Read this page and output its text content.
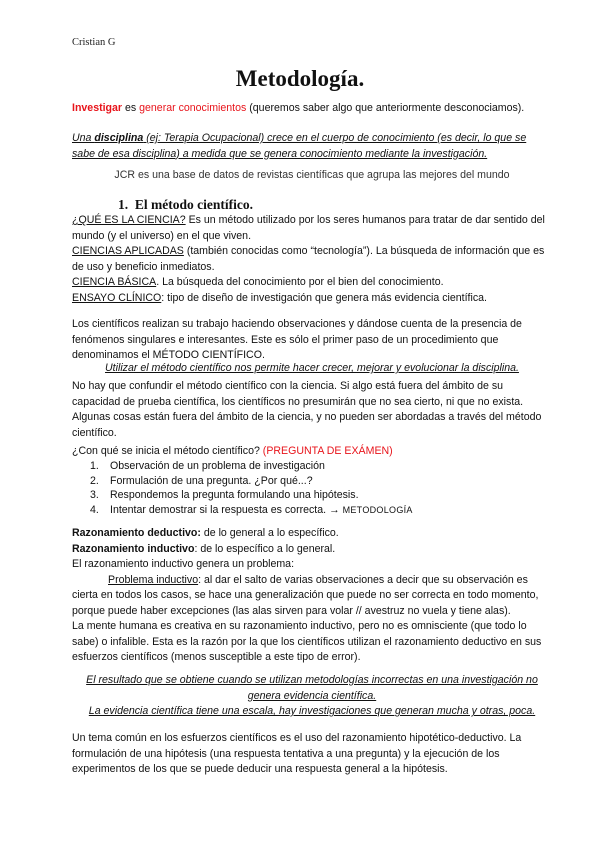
Cristian G
Metodología.
Investigar es generar conocimientos (queremos saber algo que anteriormente desconociamos).
Una disciplina (ej: Terapia Ocupacional) crece en el cuerpo de conocimiento (es decir, lo que se sabe de esa disciplina) a medida que se genera conocimiento mediante la investigación.
JCR es una base de datos de revistas científicas que agrupa las mejores del mundo
1. El método científico.
¿QUÉ ES LA CIENCIA? Es un método utilizado por los seres humanos para tratar de dar sentido del mundo (y el universo) en el que viven.
CIENCIAS APLICADAS (también conocidas como “tecnología”). La búsqueda de información que es de uso y beneficio inmediatos.
CIENCIA BÁSICA. La búsqueda del conocimiento por el bien del conocimiento.
ENSAYO CLÍNICO: tipo de diseño de investigación que genera más evidencia científica.
Los científicos realizan su trabajo haciendo observaciones y dándose cuenta de la presencia de fenómenos singulares e interesantes. Este es sólo el primer paso de un procedimiento que denominamos el MÉTODO CIENTÍFICO.
Utilizar el método científico nos permite hacer crecer, mejorar y evolucionar la disciplina.
No hay que confundir el método científico con la ciencia. Si algo está fuera del ámbito de su capacidad de prueba científica, los científicos no presumirán que no sea cierto, ni que no exista. Algunas cosas están fuera del ámbito de la ciencia, y no pueden ser abordadas a través del método científico.
¿Con qué se inicia el método científico? (PREGUNTA DE EXÁMEN)
1. Observación de un problema de investigación
2. Formulación de una pregunta. ¿Por qué...?
3. Respondemos la pregunta formulando una hipótesis.
4. Intentar demostrar si la respuesta es correcta. → METODOLOGÍA
Razonamiento deductivo: de lo general a lo específico.
Razonamiento inductivo: de lo específico a lo general.
El razonamiento inductivo genera un problema:
Problema inductivo: al dar el salto de varias observaciones a decir que su observación es cierta en todos los casos, se hace una generalización que puede no ser correcta en todo momento, porque puede haber excepciones (las alas sirven para volar // avestruz no vuela y tiene alas).
La mente humana es creativa en su razonamiento inductivo, pero no es omnisciente (que todo lo sabe) o infalible. Esta es la razón por la que los científicos utilizan el razonamiento deductivo en sus esfuerzos científicos (menos susceptible a este tipo de error).
El resultado que se obtiene cuando se utilizan metodologías incorrectas en una investigación no genera evidencia científica.
La evidencia científica tiene una escala, hay investigaciones que generan mucha y otras, poca.
Un tema común en los esfuerzos científicos es el uso del razonamiento hipotético-deductivo. La formulación de una hipótesis (una respuesta tentativa a una pregunta) y la ejecución de los experimentos de los que se puede deducir una respuesta general a la hipótesis.
